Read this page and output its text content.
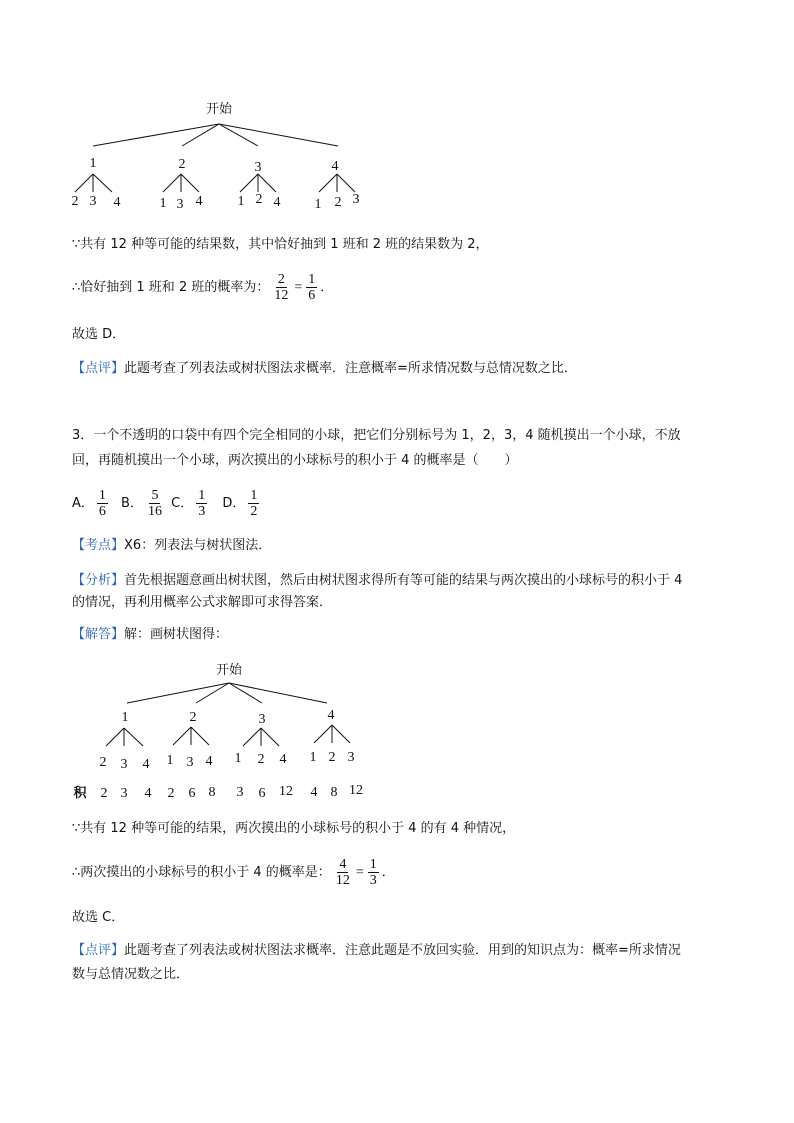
开始
1	2	3	4
2 3 4	1 3 4	1 2 4 1 2 3
∵共有 12 种等可能的结果数，其中恰好抽到 1 班和 2 班的结果数为 2，
∴恰好抽到 1 班和 2 班的概率为： $\frac{2}{12} = \frac{1}{6}$ ．
故选 D．
【点评】此题考查了列表法或树状图法求概率．注意概率=所求情况数与总情况数之比．
3．一个不透明的口袋中有四个完全相同的小球，把它们分别标号为 1，2，3，4 随机摸出一个小球，不放
回，再随机摸出一个小球，两次摸出的小球标号的积小于 4 的概率是（　　）
A． $\frac{1}{6}$ B． $\frac{5}{16}$ C． $\frac{1}{3}$ D． $\frac{1}{2}$
【考点】X6：列表法与树状图法．
【分析】首先根据题意画出树状图，然后由树状图求得所有等可能的结果与两次摸出的小球标号的积小于 4
的情况，再利用概率公式求解即可求得答案．
【解答】解：画树状图得：
开始
1	2	3	4
2 3 4 1 3 4 1 2 4 1 2 3
积 2 3 4 2 6 8 3 6 12 4 8 12
∵共有 12 种等可能的结果，两次摸出的小球标号的积小于 4 的有 4 种情况，
∴两次摸出的小球标号的积小于 4 的概率是： $\frac{4}{12} = \frac{1}{3}$ ．
故选 C．
【点评】此题考查了列表法或树状图法求概率．注意此题是不放回实验．用到的知识点为：概率=所求情况
数与总情况数之比．
